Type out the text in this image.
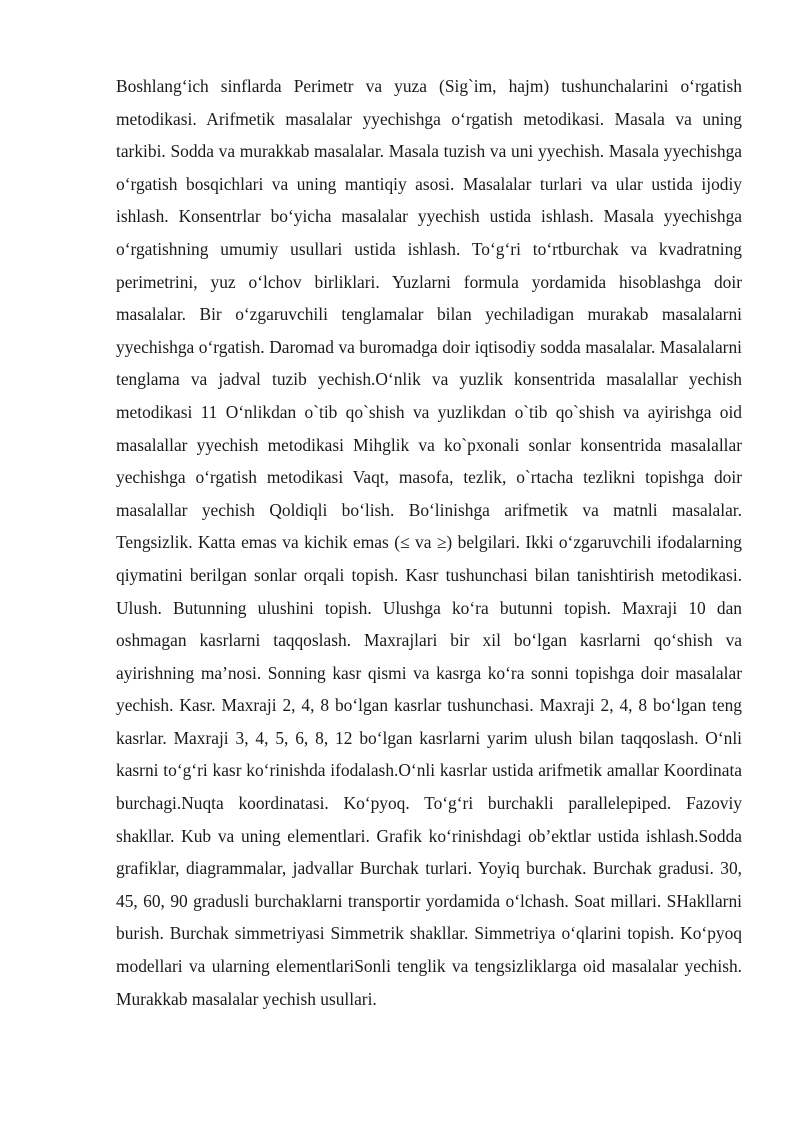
Boshlang‘ich sinflarda Perimetr va yuza (Sig`im, hajm) tushunchalarini o‘rgatish metodikasi. Arifmetik masalalar yyechishga o‘rgatish metodikasi. Masala va uning tarkibi. Sodda va murakkab masalalar. Masala tuzish va uni yyechish. Masala yyechishga o‘rgatish bosqichlari va uning mantiqiy asosi. Masalalar turlari va ular ustida ijodiy ishlash. Konsentrlar bo‘yicha masalalar yyechish ustida ishlash. Masala yyechishga o‘rgatishning umumiy usullari ustida ishlash. To‘g‘ri to‘rtburchak va kvadratning perimetrini, yuz o‘lchov birliklari. Yuzlarni formula yordamida hisoblashga doir masalalar. Bir o‘zgaruvchili tenglamalar bilan yechiladigan murakab masalalarni yyechishga o‘rgatish. Daromad va buromadga doir iqtisodiy sodda masalalar. Masalalarni tenglama va jadval tuzib yechish.O‘nlik va yuzlik konsentrida masalallar yechish metodikasi 11 O‘nlikdan o`tib qo`shish va yuzlikdan o`tib qo`shish va ayirishga oid masalallar yyechish metodikasi Mihglik va ko`pxonali sonlar konsentrida masalallar yechishga o‘rgatish metodikasi Vaqt, masofa, tezlik, o`rtacha tezlikni topishga doir masalallar yechish Qoldiqli bo‘lish. Bo‘linishga arifmetik va matnli masalalar. Tengsizlik. Katta emas va kichik emas (≤ va ≥) belgilari. Ikki o‘zgaruvchili ifodalarning qiymatini berilgan sonlar orqali topish. Kasr tushunchasi bilan tanishtirish metodikasi. Ulush. Butunning ulushini topish. Ulushga ko‘ra butunni topish. Maxraji 10 dan oshmagan kasrlarni taqqoslash. Maxrajlari bir xil bo‘lgan kasrlarni qo‘shish va ayirishning ma’nosi. Sonning kasr qismi va kasrga ko‘ra sonni topishga doir masalalar yechish. Kasr. Maxraji 2, 4, 8 bo‘lgan kasrlar tushunchasi. Maxraji 2, 4, 8 bo‘lgan teng kasrlar. Maxraji 3, 4, 5, 6, 8, 12 bo‘lgan kasrlarni yarim ulush bilan taqqoslash. O‘nli kasrni to‘g‘ri kasr ko‘rinishda ifodalash.O‘nli kasrlar ustida arifmetik amallar Koordinata burchagi.Nuqta koordinatasi. Ko‘pyoq. To‘g‘ri burchakli parallelepiped. Fazoviy shakllar. Kub va uning elementlari. Grafik ko‘rinishdagi ob’ektlar ustida ishlash.Sodda grafiklar, diagrammalar, jadvallar Burchak turlari. Yoyiq burchak. Burchak gradusi. 30, 45, 60, 90 gradusli burchaklarni transportir yordamida o‘lchash. Soat millari. SHakllarni burish. Burchak simmetriyasi Simmetrik shakllar. Simmetriya o‘qlarini topish. Ko‘pyoq modellari va ularning elementlariSonli tenglik va tengsizliklarga oid masalalar yechish. Murakkab masalalar yechish usullari.
